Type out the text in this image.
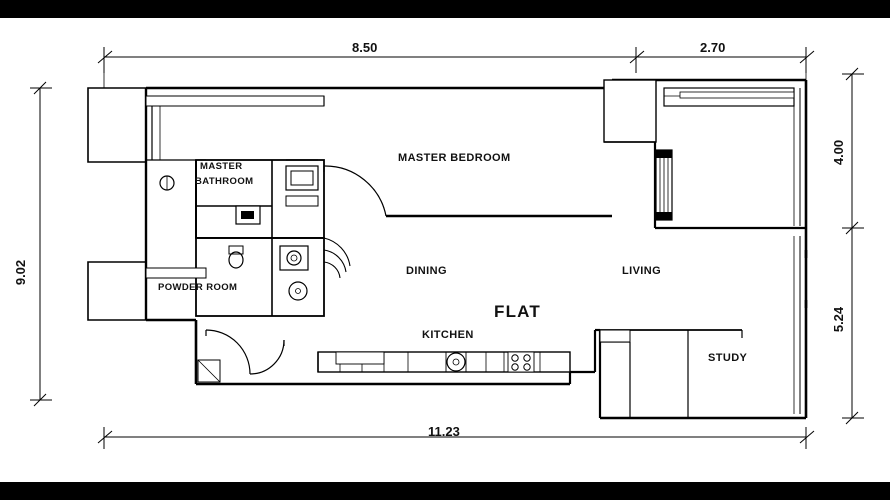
MASTER BEDROOM
MASTER
BATHROOM
POWDER ROOM
DINING	LIVING
KITCHEN
STUDY
FLAT
8.50	2.70
11.23
9.02
4.00
5.24
